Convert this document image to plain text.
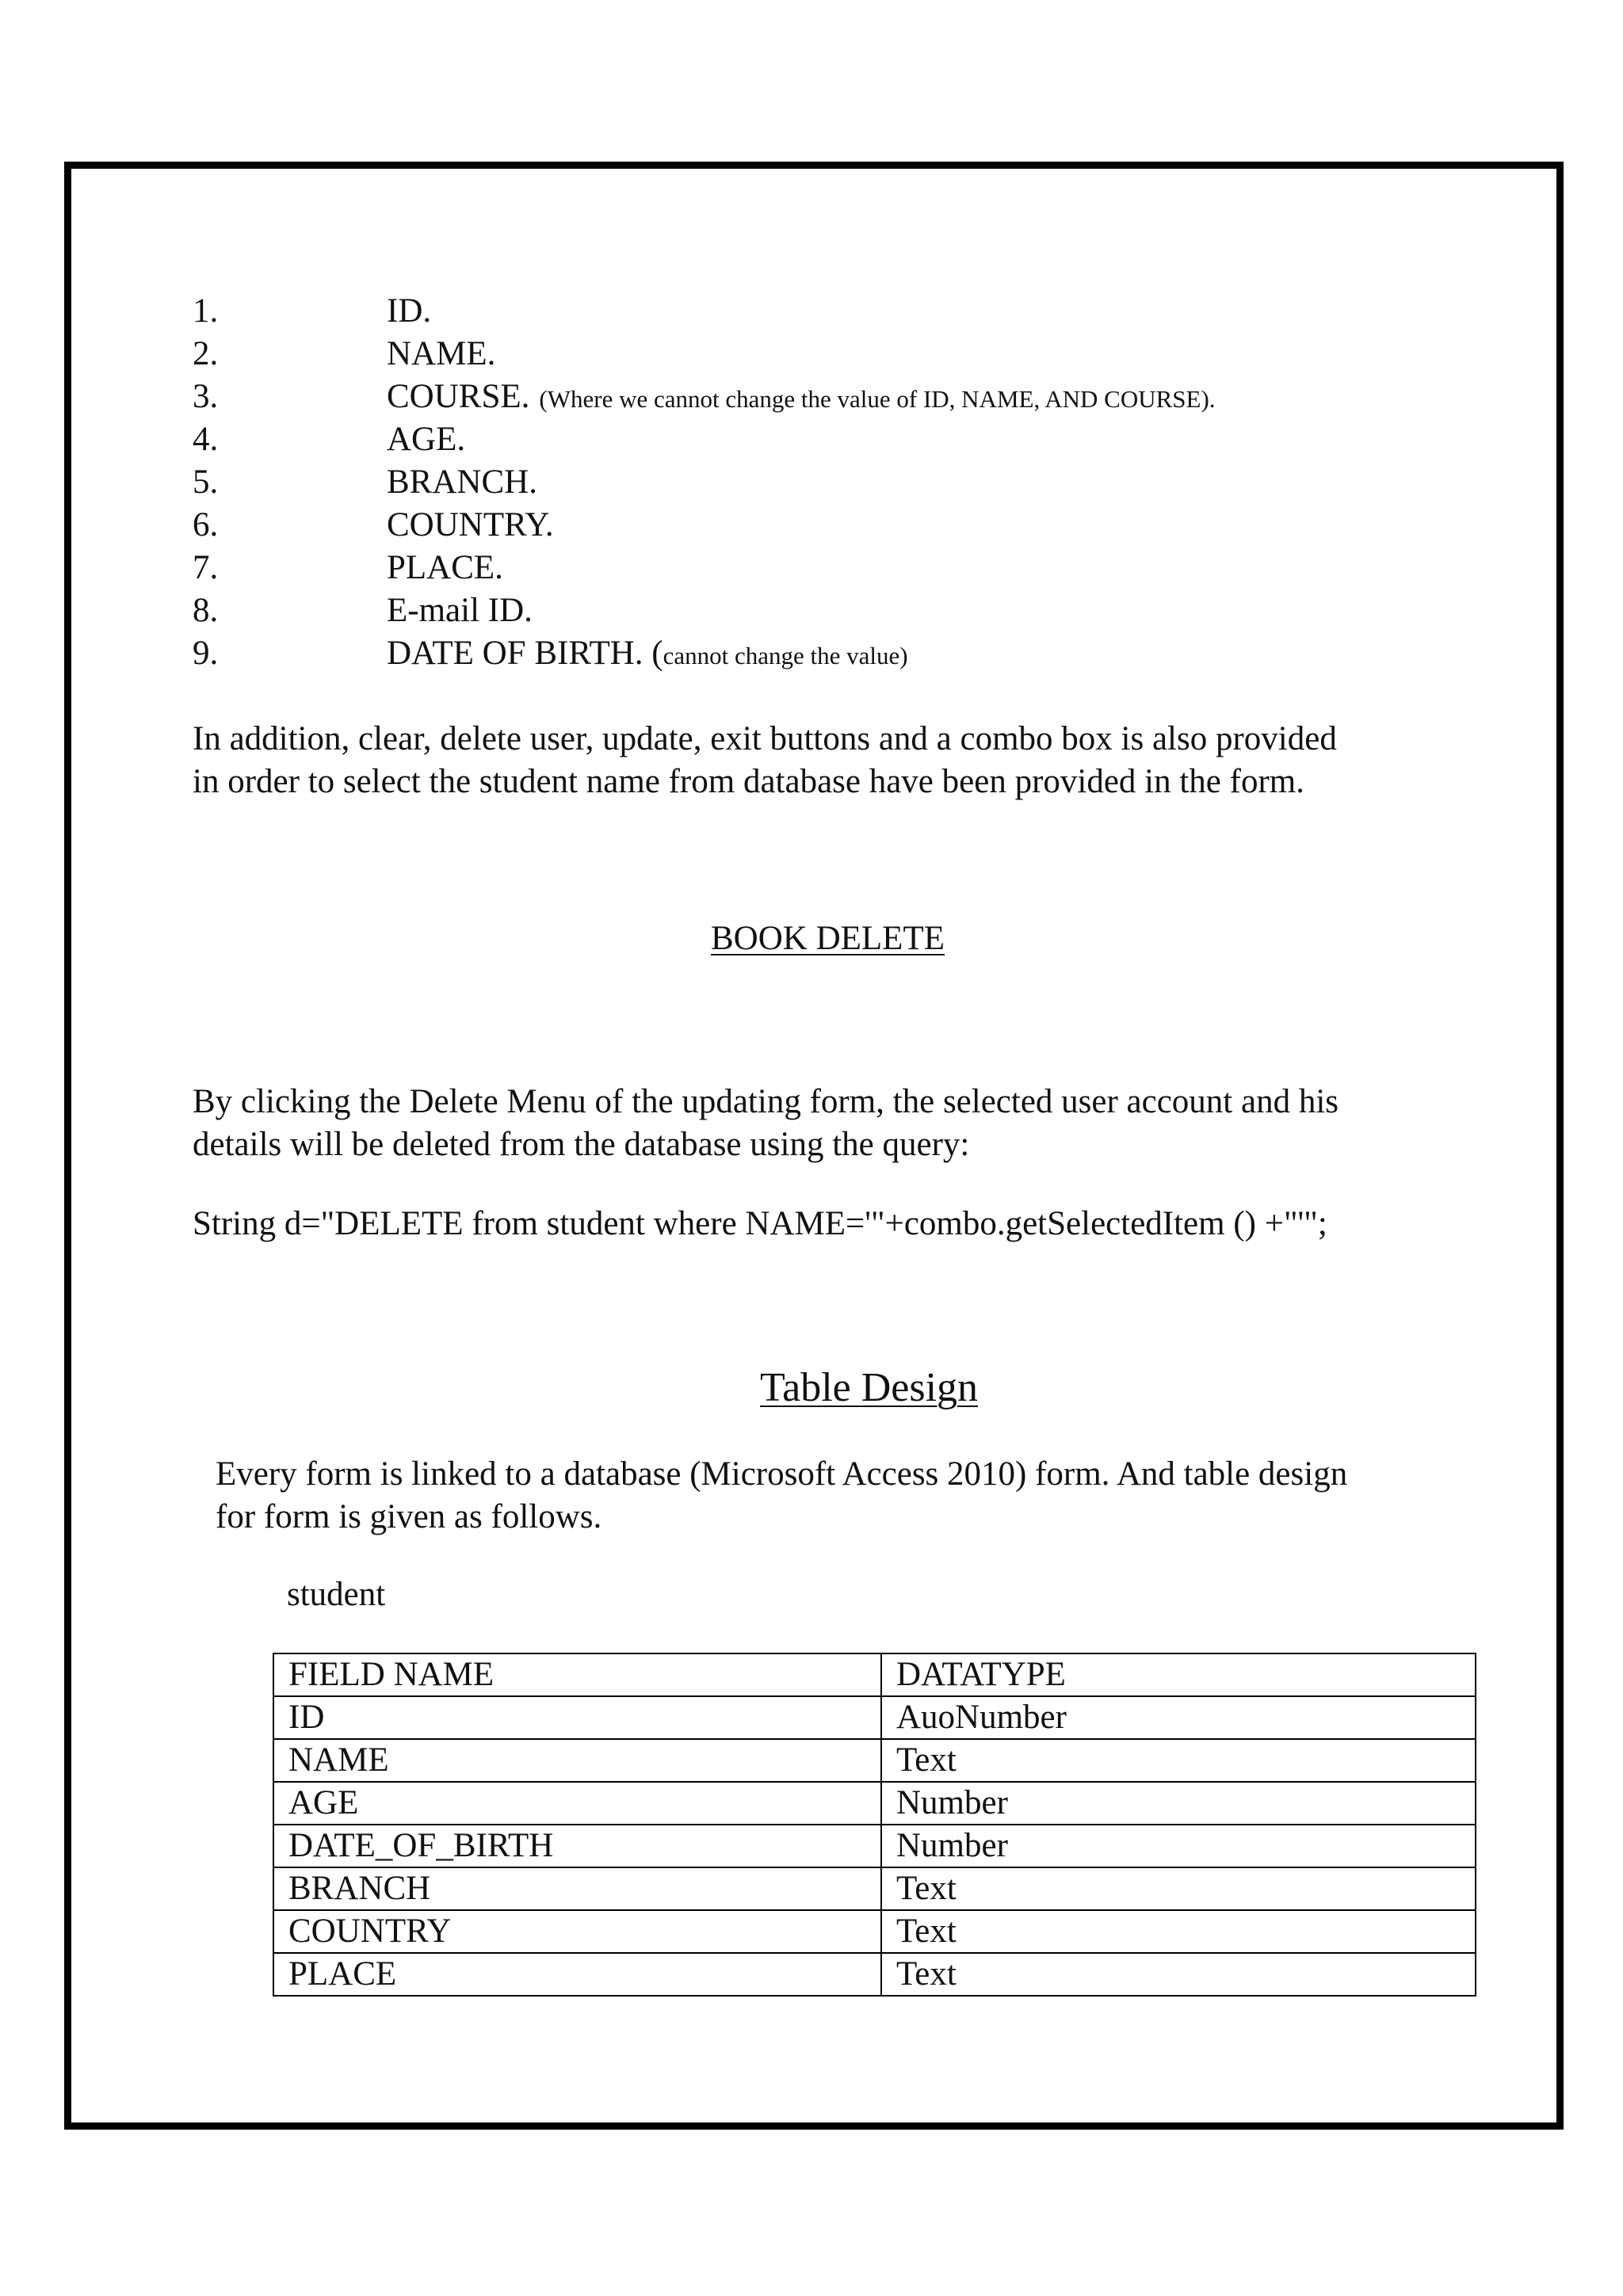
1.	ID.
2.	NAME.
3.	COURSE. (Where we cannot change the value of ID, NAME, AND COURSE).
4.	AGE.
5.	BRANCH.
6.	COUNTRY.
7.	PLACE.
8.	E-mail ID.
9.	DATE OF BIRTH. (cannot change the value)

In addition, clear, delete user, update, exit buttons and a combo box is also provided

in order to select the student name from database have been provided in the form.

BOOK DELETE

By clicking the Delete Menu of the updating form, the selected user account and his

details will be deleted from the database using the query:

String d="DELETE from student where NAME='"+combo.getSelectedItem () +"'";

Table Design

Every form is linked to a database (Microsoft Access 2010) form. And table design

for form is given as follows.

student

FIELD NAME	DATATYPE
ID	AuoNumber
NAME	Text
AGE	Number
DATE_OF_BIRTH	Number
BRANCH	Text
COUNTRY	Text
PLACE	Text
